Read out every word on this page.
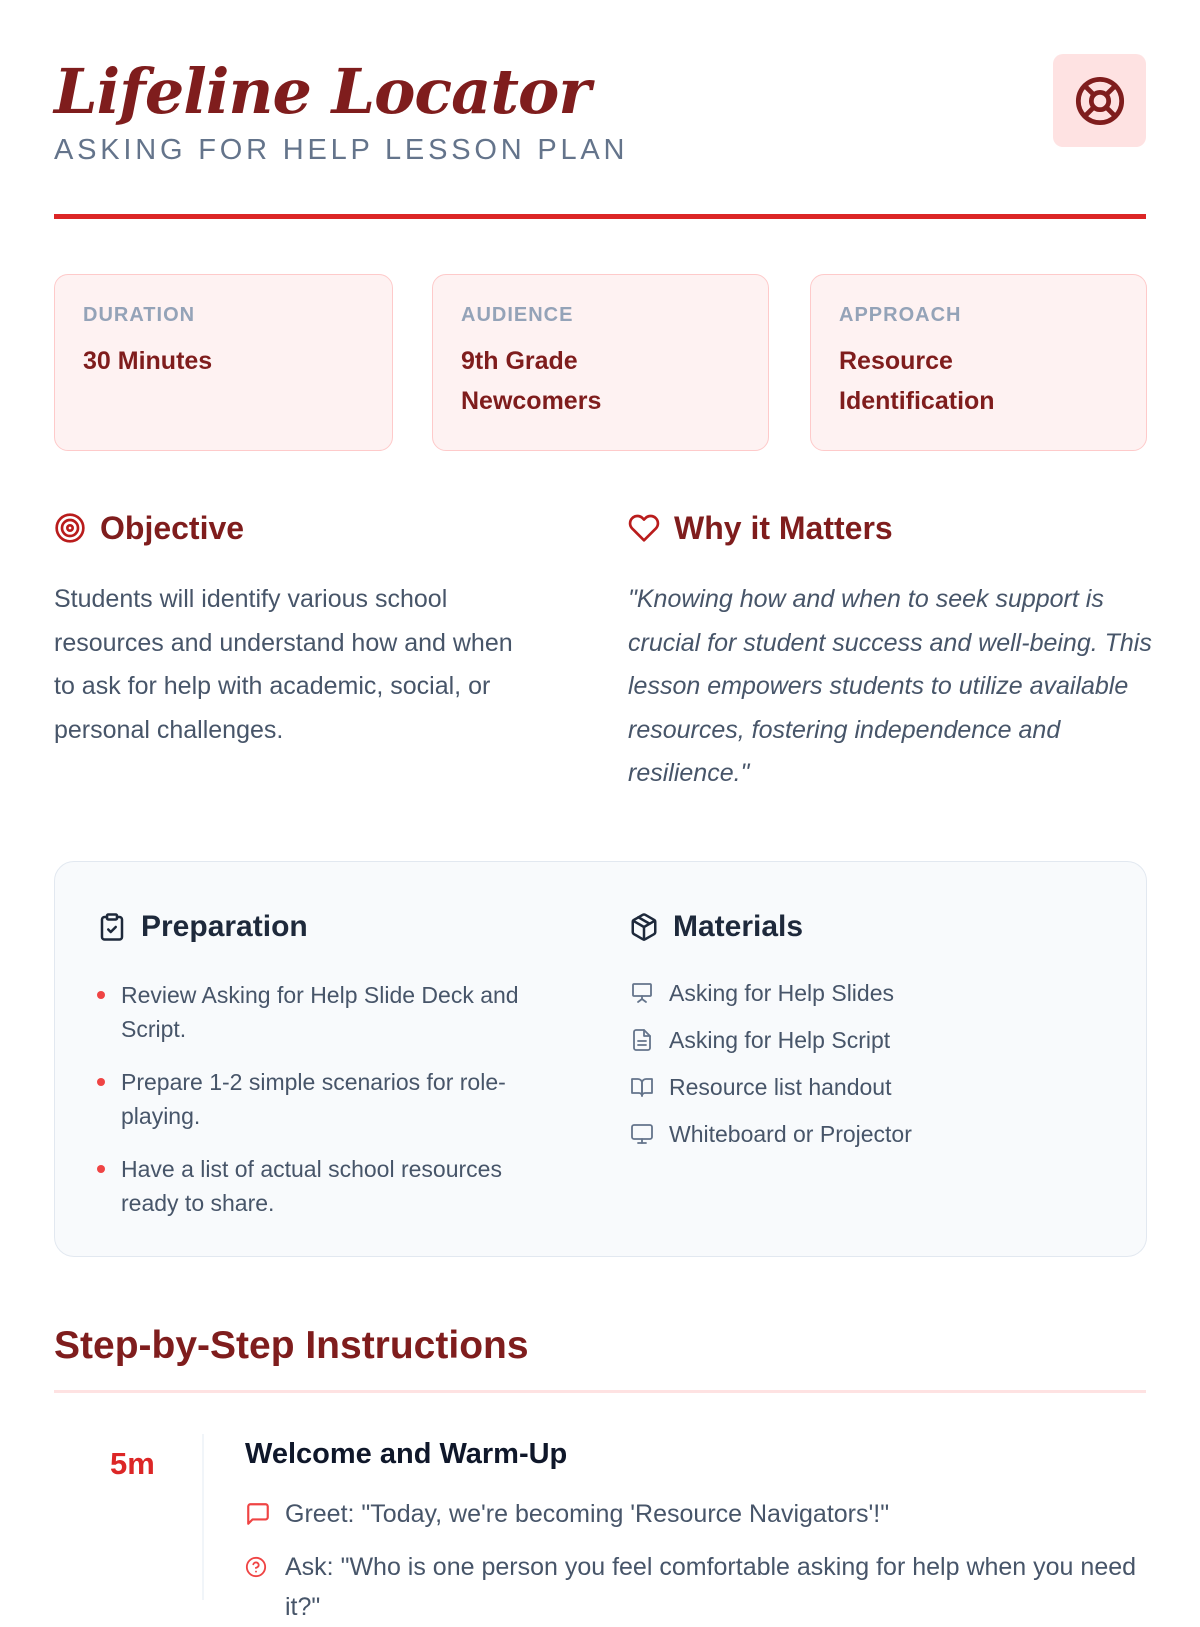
Lifeline Locator
ASKING FOR HELP LESSON PLAN
DURATION
30 Minutes
AUDIENCE
9th Grade Newcomers
APPROACH
Resource Identification
Objective
Students will identify various school resources and understand how and when to ask for help with academic, social, or personal challenges.
Why it Matters
"Knowing how and when to seek support is crucial for student success and well-being. This lesson empowers students to utilize available resources, fostering independence and resilience."
Preparation
Review Asking for Help Slide Deck and Script.
Prepare 1-2 simple scenarios for role-playing.
Have a list of actual school resources ready to share.
Materials
Asking for Help Slides
Asking for Help Script
Resource list handout
Whiteboard or Projector
Step-by-Step Instructions
5m	Welcome and Warm-Up
Greet: "Today, we're becoming 'Resource Navigators'!"
Ask: "Who is one person you feel comfortable asking for help when you need it?"
